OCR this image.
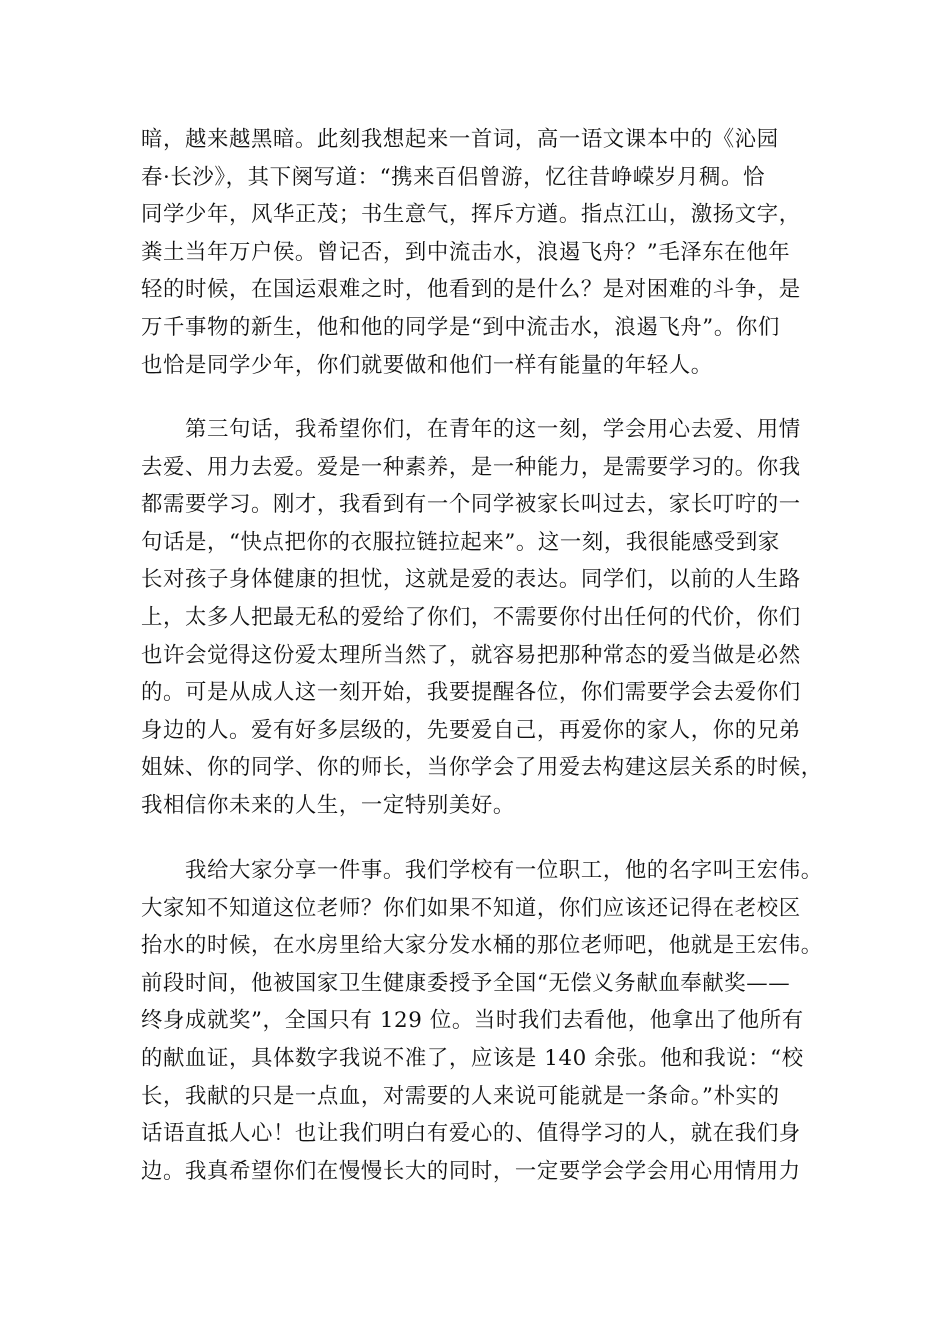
暗，越来越黑暗。此刻我想起来一首词，高一语文课本中的《沁园
春·长沙》，其下阕写道：“携来百侣曾游，忆往昔峥嵘岁月稠。恰
同学少年，风华正茂；书生意气，挥斥方遒。指点江山，激扬文字，
粪土当年万户侯。曾记否，到中流击水，浪遏飞舟？”毛泽东在他年
轻的时候，在国运艰难之时，他看到的是什么？是对困难的斗争，是
万千事物的新生，他和他的同学是“到中流击水，浪遏飞舟”。你们
也恰是同学少年，你们就要做和他们一样有能量的年轻人。
第三句话，我希望你们，在青年的这一刻，学会用心去爱、用情
去爱、用力去爱。爱是一种素养，是一种能力，是需要学习的。你我
都需要学习。刚才，我看到有一个同学被家长叫过去，家长叮咛的一
句话是，“快点把你的衣服拉链拉起来”。这一刻，我很能感受到家
长对孩子身体健康的担忧，这就是爱的表达。同学们，以前的人生路
上，太多人把最无私的爱给了你们，不需要你付出任何的代价，你们
也许会觉得这份爱太理所当然了，就容易把那种常态的爱当做是必然
的。可是从成人这一刻开始，我要提醒各位，你们需要学会去爱你们
身边的人。爱有好多层级的，先要爱自己，再爱你的家人，你的兄弟
姐妹、你的同学、你的师长，当你学会了用爱去构建这层关系的时候，
我相信你未来的人生，一定特别美好。
我给大家分享一件事。我们学校有一位职工，他的名字叫王宏伟。
大家知不知道这位老师？你们如果不知道，你们应该还记得在老校区
抬水的时候，在水房里给大家分发水桶的那位老师吧，他就是王宏伟。
前段时间，他被国家卫生健康委授予全国“无偿义务献血奉献奖——
终身成就奖”，全国只有 129 位。当时我们去看他，他拿出了他所有
的献血证，具体数字我说不准了，应该是 140 余张。他和我说：“校
长，我献的只是一点血，对需要的人来说可能就是一条命。”朴实的
话语直抵人心！也让我们明白有爱心的、值得学习的人，就在我们身
边。我真希望你们在慢慢长大的同时，一定要学会学会用心用情用力
